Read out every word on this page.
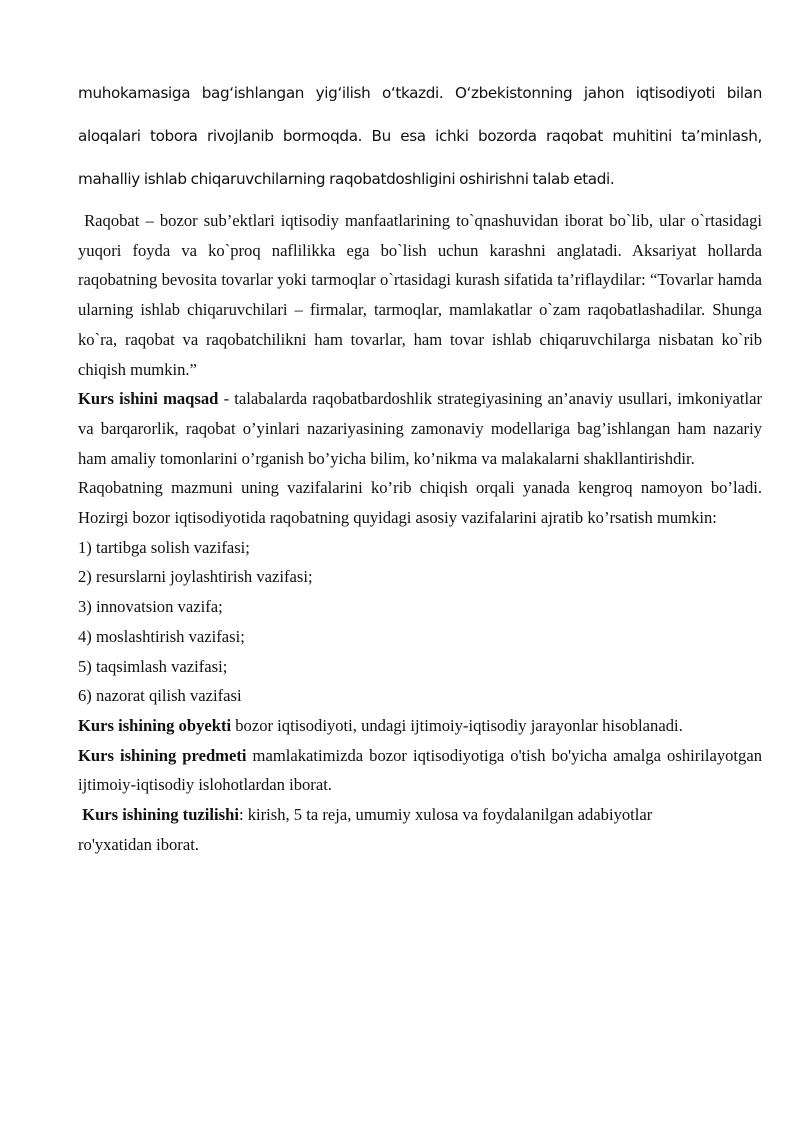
muhokamasiga bag‘ishlangan yig‘ilish o‘tkazdi. O‘zbekistonning jahon iqtisodiyoti bilan aloqalari tobora rivojlanib bormoqda. Bu esa ichki bozorda raqobat muhitini ta’minlash, mahalliy ishlab chiqaruvchilarning raqobatdoshligini oshirishni talab etadi.

Raqobat – bozor sub’ektlari iqtisodiy manfaatlarining to`qnashuvidan iborat bo`lib, ular o`rtasidagi yuqori foyda va ko`proq naflilikka ega bo`lish uchun karashni anglatadi. Aksariyat hollarda raqobatning bevosita tovarlar yoki tarmoqlar o`rtasidagi kurash sifatida ta’riflaydilar: “Tovarlar hamda ularning ishlab chiqaruvchilari – firmalar, tarmoqlar, mamlakatlar o`zam raqobatlashadilar. Shunga ko`ra, raqobat va raqobatchilikni ham tovarlar, ham tovar ishlab chiqaruvchilarga nisbatan ko`rib chiqish mumkin.”

Kurs ishini maqsad - talabalarda raqobatbardoshlik strategiyasining an’anaviy usullari, imkoniyatlar va barqarorlik, raqobat o’yinlari nazariyasining zamonaviy modellariga bag’ishlangan ham nazariy ham amaliy tomonlarini o’rganish bo’yicha bilim, ko’nikma va malakalarni shakllantirishdir.

Raqobatning mazmuni uning vazifalarini ko’rib chiqish orqali yanada kengroq namoyon bo’ladi. Hozirgi bozor iqtisodiyotida raqobatning quyidagi asosiy vazifalarini ajratib ko’rsatish mumkin:

1) tartibga solish vazifasi;
2) resurslarni joylashtirish vazifasi;
3) innovatsion vazifa;
4) moslashtirish vazifasi;
5) taqsimlash vazifasi;
6) nazorat qilish vazifasi

Kurs ishining obyekti bozor iqtisodiyoti, undagi ijtimoiy-iqtisodiy jarayonlar hisoblanadi.

Kurs ishining predmeti mamlakatimizda bozor iqtisodiyotiga o'tish bo'yicha amalga oshirilayotgan ijtimoiy-iqtisodiy islohotlardan iborat.

Kurs ishining tuzilishi: kirish, 5 ta reja, umumiy xulosa va foydalanilgan adabiyotlar
ro'yxatidan iborat.
